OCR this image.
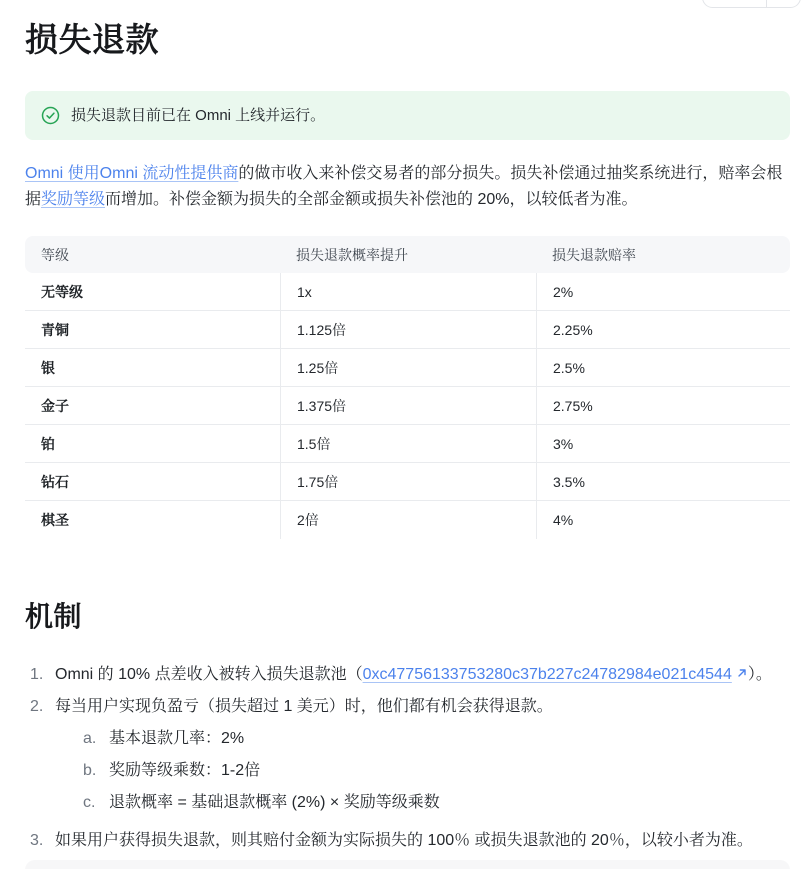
损失退款
损失退款目前已在 Omni 上线并运行。

Omni 使用Omni 流动性提供商的做市收入来补偿交易者的部分损失。损失补偿通过抽奖系统进行，赔率会根据奖励等级而增加。补偿金额为损失的全部金额或损失补偿池的 20%，以较低者为准。

等级	损失退款概率提升	损失退款赔率
无等级	1x	2%
青铜	1.125倍	2.25%
银	1.25倍	2.5%
金子	1.375倍	2.75%
铂	1.5倍	3%
钻石	1.75倍	3.5%
棋圣	2倍	4%
机制
1. Omni 的 10% 点差收入被转入损失退款池（0xc47756133753280c37b227c24782984e021c4544 ）。
2. 每当用户实现负盈亏（损失超过 1 美元）时，他们都有机会获得退款。
a. 基本退款几率：2%
b. 奖励等级乘数：1-2倍
c. 退款概率 = 基础退款概率 (2%) × 奖励等级乘数
3. 如果用户获得损失退款，则其赔付金额为实际损失的 100％ 或损失退款池的 20％，以较小者为准。
